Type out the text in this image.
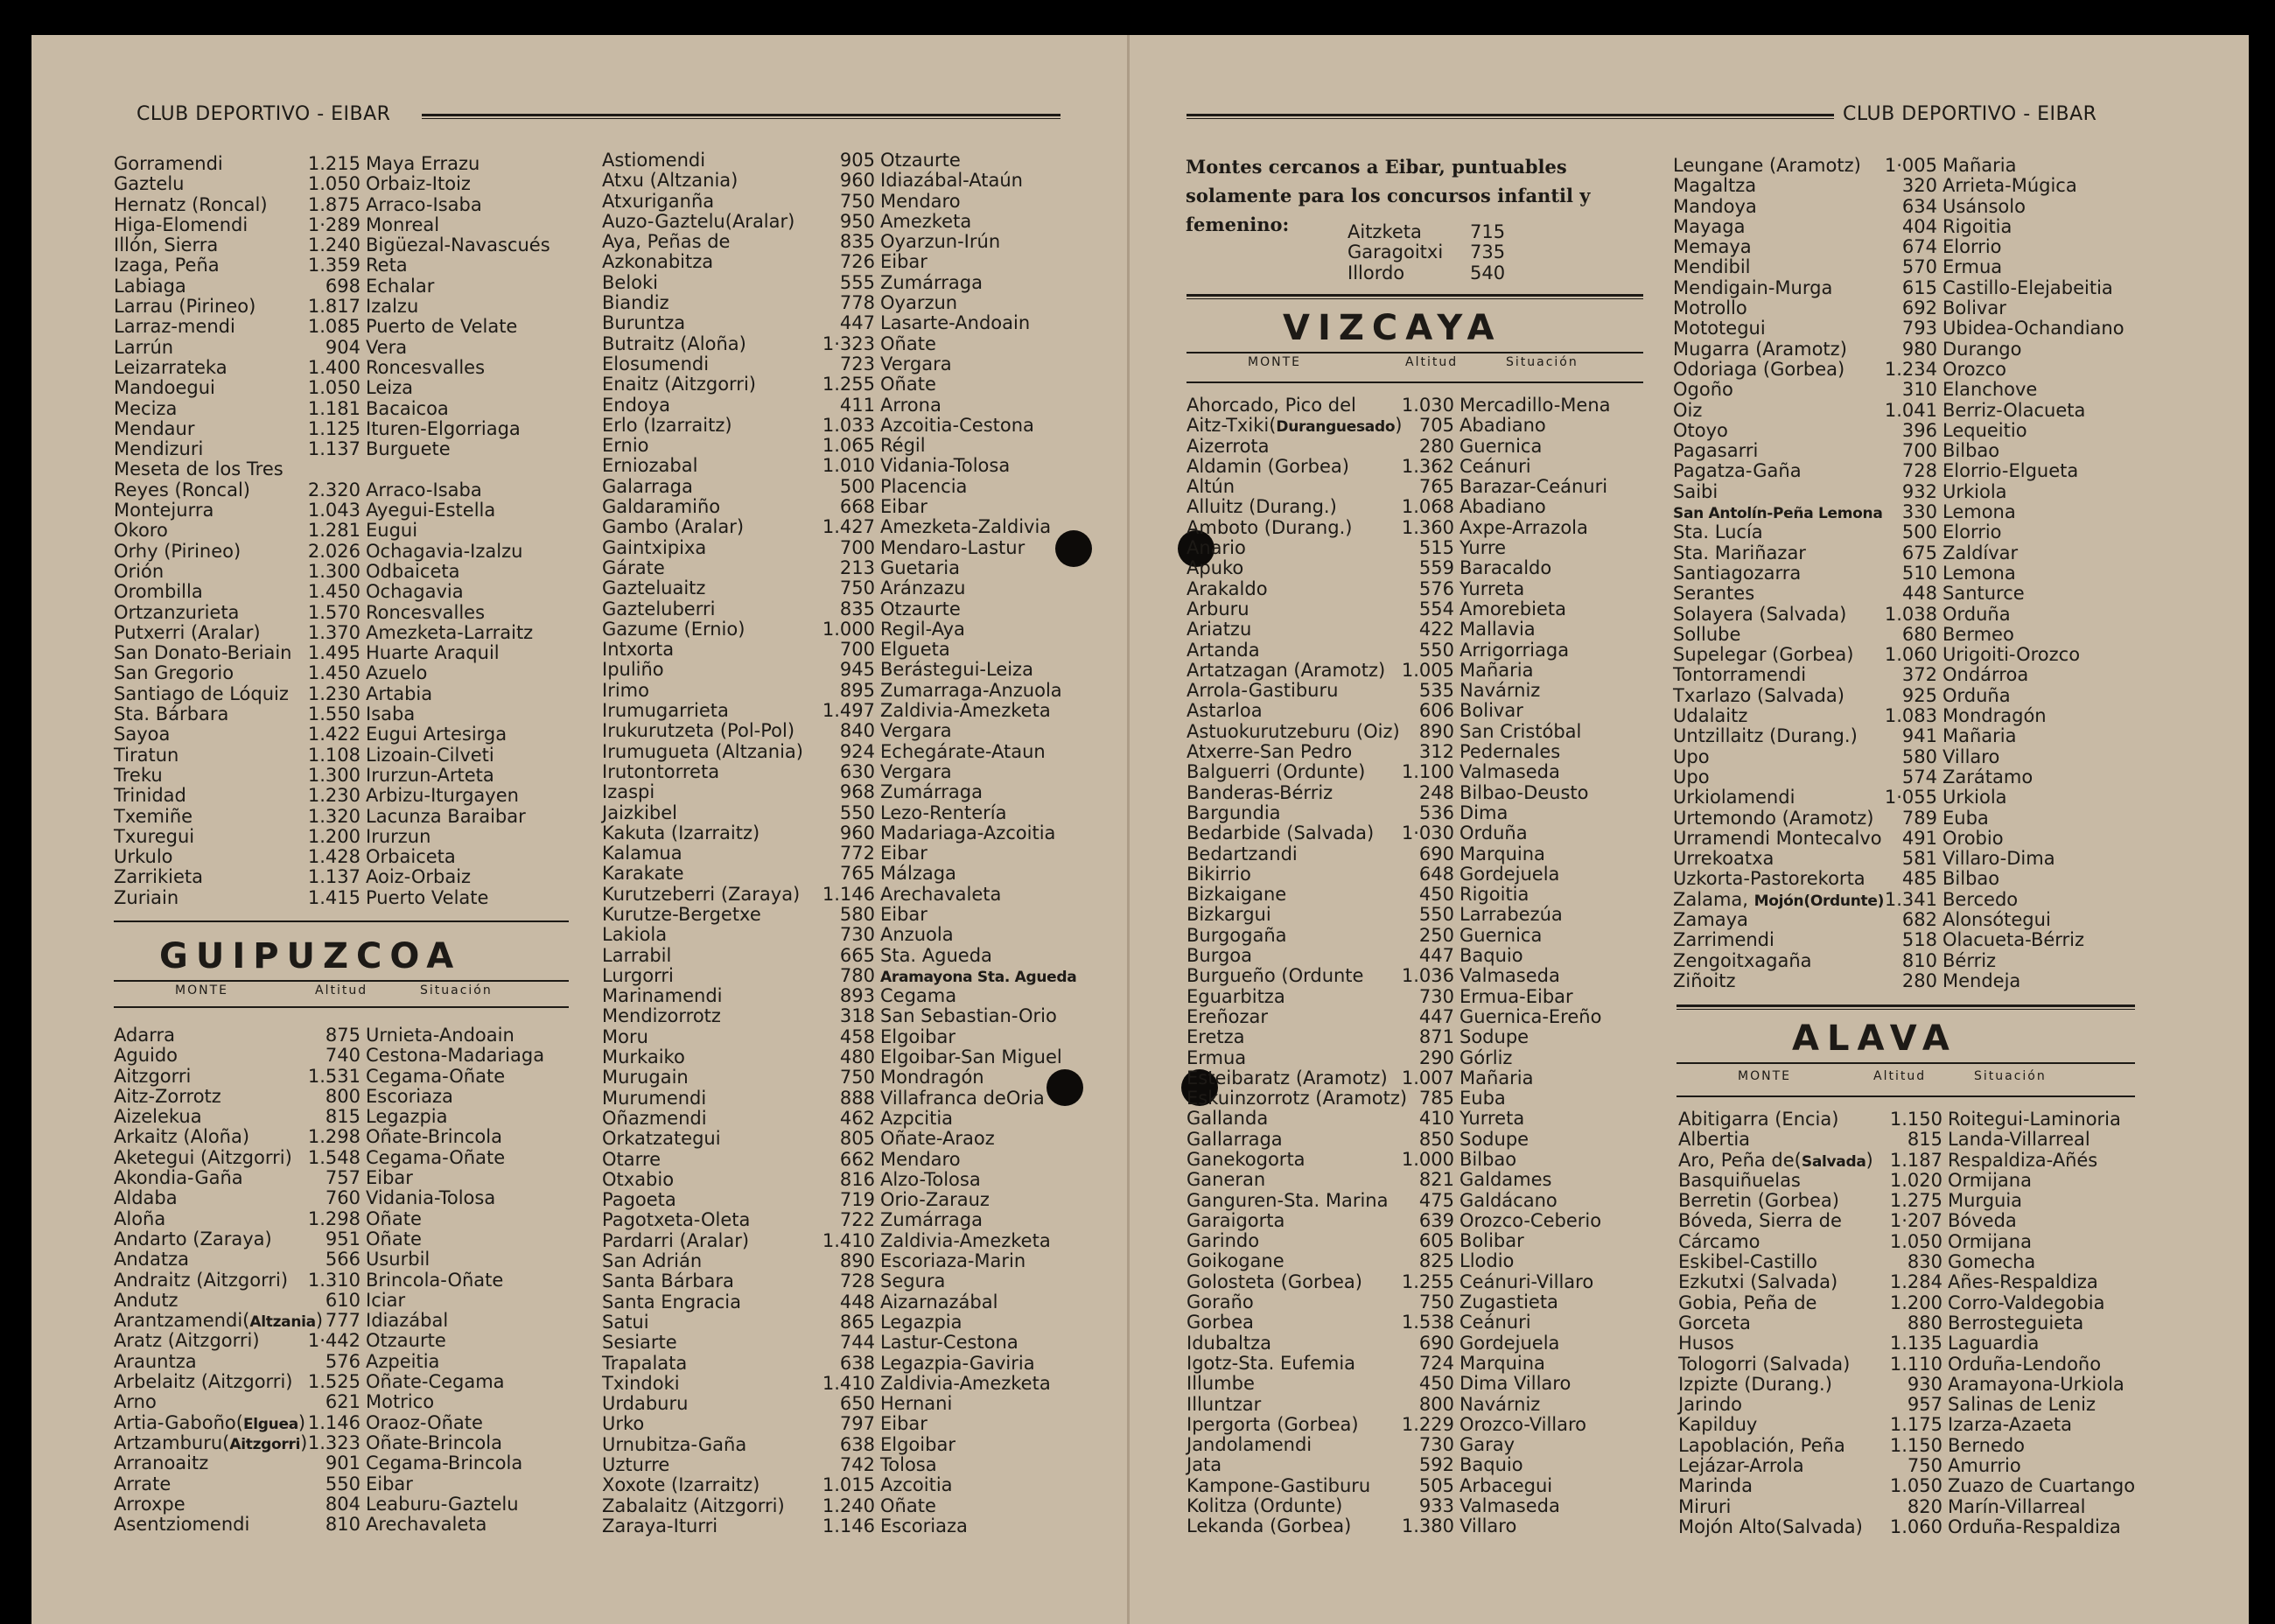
CLUB DEPORTIVO - EIBAR
Gorramendi	1.215 Maya Errazu
Gaztelu	1.050 Orbaiz-Itoiz
Hernatz (Roncal)	1.875 Arraco-Isaba
Higa-Elomendi	1·289 Monreal
Illón, Sierra	1.240 Bigüezal-Navascués
Izaga, Peña	1.359 Reta
Labiaga	698 Echalar
Larrau (Pirineo)	1.817 Izalzu
Larraz-mendi	1.085 Puerto de Velate
Larrún	904 Vera
Leizarrateka	1.400 Roncesvalles
Mandoegui	1.050 Leiza
Meciza	1.181 Bacaicoa
Mendaur	1.125 Ituren-Elgorriaga
Mendizuri	1.137 Burguete
Meseta de los Tres
Reyes (Roncal)	2.320 Arraco-Isaba
Montejurra	1.043 Ayegui-Estella
Okoro	1.281 Eugui
Orhy (Pirineo)	2.026 Ochagavia-Izalzu
Orión	1.300 Odbaiceta
Orombilla	1.450 Ochagavia
Ortzanzurieta	1.570 Roncesvalles
Putxerri (Aralar)	1.370 Amezketa-Larraitz
San Donato-Beriain 1.495 Huarte Araquil
San Gregorio	1.450 Azuelo
Santiago de Lóquiz	1.230 Artabia
Sta. Bárbara	1.550 Isaba
Sayoa	1.422 Eugui Artesirga
Tiratun	1.108 Lizoain-Cilveti
Treku	1.300 Irurzun-Arteta
Trinidad	1.230 Arbizu-Iturgayen
Txemiñe	1.320 Lacunza Baraibar
Txuregui	1.200 Irurzun
Urkulo	1.428 Orbaiceta
Zarrikieta	1.137 Aoiz-Orbaiz
Zuriain	1.415 Puerto Velate
GUIPUZCOA
MONTE	Altitud	Situación
Adarra	875 Urnieta-Andoain
Aguido	740 Cestona-Madariaga
Aitzgorri	1.531 Cegama-Oñate
Aitz-Zorrotz	800 Escoriaza
Aizelekua	815 Legazpia
Arkaitz (Aloña)	1.298 Oñate-Brincola
Aketegui (Aitzgorri) 1.548 Cegama-Oñate
Akondia-Gaña	757 Eibar
Aldaba	760 Vidania-Tolosa
Aloña	1.298 Oñate
Andarto (Zaraya)	951 Oñate
Andatza	566 Usurbil
Andraitz (Aitzgorri)	1.310 Brincola-Oñate
Andutz	610 Iciar
Arantzamendi(Altzania) 777 Idiazábal
Aratz (Aitzgorri)	1·442 Otzaurte
Arauntza	576 Azpeitia
Arbelaitz (Aitzgorri) 1.525 Oñate-Cegama
Arno	621 Motrico
Artia-Gaboño(Elguea) 1.146 Oraoz-Oñate
Artzamburu(Aitzgorri) 1.323 Oñate-Brincola
Arranoaitz	901 Cegama-Brincola
Arrate	550 Eibar
Arroxpe	804 Leaburu-Gaztelu
Asentziomendi	810 Arechavaleta
Astiomendi	905 Otzaurte
Atxu (Altzania)	960 Idiazábal-Ataún
Atxuriganña	750 Mendaro
Auzo-Gaztelu(Aralar)	950 Amezketa
Aya, Peñas de	835 Oyarzun-Irún
Azkonabitza	726 Eibar
Beloki	555 Zumárraga
Biandiz	778 Oyarzun
Buruntza	447 Lasarte-Andoain
Butraitz (Aloña)	1·323 Oñate
Elosumendi	723 Vergara
Enaitz (Aitzgorri)	1.255 Oñate
Endoya	411 Arrona
Erlo (Izarraitz)	1.033 Azcoitia-Cestona
Ernio	1.065 Régil
Erniozabal	1.010 Vidania-Tolosa
Galarraga	500 Placencia
Galdaramiño	668 Eibar
Gambo (Aralar)	1.427 Amezketa-Zaldivia
Gaintxipixa	700 Mendaro-Lastur
Gárate	213 Guetaria
Gazteluaitz	750 Aránzazu
Gazteluberri	835 Otzaurte
Gazume (Ernio)	1.000 Regil-Aya
Intxorta	700 Elgueta
Ipuliño	945 Berástegui-Leiza
Irimo	895 Zumarraga-Anzuola
Irumugarrieta	1.497 Zaldivia-Amezketa
Irukurutzeta (Pol-Pol)	840 Vergara
Irumugueta (Altzania)	924 Echegárate-Ataun
Irutontorreta	630 Vergara
Izaspi	968 Zumárraga
Jaizkibel	550 Lezo-Rentería
Kakuta (Izarraitz)	960 Madariaga-Azcoitia
Kalamua	772 Eibar
Karakate	765 Málzaga
Kurutzeberri (Zaraya)	1.146 Arechavaleta
Kurutze-Bergetxe	580 Eibar
Lakiola	730 Anzuola
Larrabil	665 Sta. Agueda
Lurgorri	780 Aramayona Sta. Agueda
Marinamendi	893 Cegama
Mendizorrotz	318 San Sebastian-Orio
Moru	458 Elgoibar
Murkaiko	480 Elgoibar-San Miguel
Murugain	750 Mondragón
Murumendi	888 Villafranca deOria
Oñazmendi	462 Azpcitia
Orkatzategui	805 Oñate-Araoz
Otarre	662 Mendaro
Otxabio	816 Alzo-Tolosa
Pagoeta	719 Orio-Zarauz
Pagotxeta-Oleta	722 Zumárraga
Pardarri (Aralar)	1.410 Zaldivia-Amezketa
San Adrián	890 Escoriaza-Marin
Santa Bárbara	728 Segura
Santa Engracia	448 Aizarnazábal
Satui	865 Legazpia
Sesiarte	744 Lastur-Cestona
Trapalata	638 Legazpia-Gaviria
Txindoki	1.410 Zaldivia-Amezketa
Urdaburu	650 Hernani
Urko	797 Eibar
Urnubitza-Gaña	638 Elgoibar
Uzturre	742 Tolosa
Xoxote (Izarraitz)	1.015 Azcoitia
Zabalaitz (Aitzgorri)	1.240 Oñate
Zaraya-Iturri	1.146 Escoriaza
CLUB DEPORTIVO - EIBAR
Montes cercanos a Eibar, puntuables solamente para los concursos infantil y femenino:	Aitzketa	715
Garagoitxi	735
Illordo	540
VIZCAYA
MONTE	Altitud	Situación
Ahorcado, Pico del	1.030 Mercadillo-Mena
Aitz-Txiki(Duranguesado) 705 Abadiano
Aizerrota	280 Guernica
Aldamin (Gorbea)	1.362 Ceánuri
Altún	765 Barazar-Ceánuri
Alluitz (Durang.)	1.068 Abadiano
Amboto (Durang.)	1.360 Axpe-Arrazola
Anario	515 Yurre
Apuko	559 Baracaldo
Arakaldo	576 Yurreta
Arburu	554 Amorebieta
Ariatzu	422 Mallavia
Artanda	550 Arrigorriaga
Artatzagan (Aramotz) 1.005 Mañaria
Arrola-Gastiburu	535 Navárniz
Astarloa	606 Bolivar
Astuokurutzeburu (Oiz)	890 San Cristóbal
Atxerre-San Pedro	312 Pedernales
Balguerri (Ordunte)	1.100 Valmaseda
Banderas-Bérriz	248 Bilbao-Deusto
Bargundia	536 Dima
Bedarbide (Salvada)	1·030 Orduña
Bedartzandi	690 Marquina
Bikirrio	648 Gordejuela
Bizkaigane	450 Rigoitia
Bizkargui	550 Larrabezúa
Burgogaña	250 Guernica
Burgoa	447 Baquio
Burgueño (Ordunte	1.036 Valmaseda
Eguarbitza	730 Ermua-Eibar
Ereñozar	447 Guernica-Ereño
Eretza	871 Sodupe
Ermua	290 Górliz
Esteibaratz (Aramotz) 1.007 Mañaria
Eskuinzorrotz (Aramotz) 785 Euba
Gallanda	410 Yurreta
Gallarraga	850 Sodupe
Ganekogorta	1.000 Bilbao
Ganeran	821 Galdames
Ganguren-Sta. Marina	475 Galdácano
Garaigorta	639 Orozco-Ceberio
Garindo	605 Bolibar
Goikogane	825 Llodio
Golosteta (Gorbea)	1.255 Ceánuri-Villaro
Goraño	750 Zugastieta
Gorbea	1.538 Ceánuri
Idubaltza	690 Gordejuela
Igotz-Sta. Eufemia	724 Marquina
Illumbe	450 Dima Villaro
Illuntzar	800 Navárniz
Ipergorta (Gorbea)	1.229 Orozco-Villaro
Jandolamendi	730 Garay
Jata	592 Baquio
Kampone-Gastiburu	505 Arbacegui
Kolitza (Ordunte)	933 Valmaseda
Lekanda (Gorbea)	1.380 Villaro
Leungane (Aramotz)	1·005 Mañaria
Magaltza	320 Arrieta-Múgica
Mandoya	634 Usánsolo
Mayaga	404 Rigoitia
Memaya	674 Elorrio
Mendibil	570 Ermua
Mendigain-Murga	615 Castillo-Elejabeitia
Motrollo	692 Bolivar
Mototegui	793 Ubidea-Ochandiano
Mugarra (Aramotz)	980 Durango
Odoriaga (Gorbea)	1.234 Orozco
Ogoño	310 Elanchove
Oiz	1.041 Berriz-Olacueta
Otoyo	396 Lequeitio
Pagasarri	700 Bilbao
Pagatza-Gaña	728 Elorrio-Elgueta
Saibi	932 Urkiola
San Antolín-Peña Lemona	330 Lemona
Sta. Lucía	500 Elorrio
Sta. Mariñazar	675 Zaldívar
Santiagozarra	510 Lemona
Serantes	448 Santurce
Solayera (Salvada)	1.038 Orduña
Sollube	680 Bermeo
Supelegar (Gorbea)	1.060 Urigoiti-Orozco
Tontorramendi	372 Ondárroa
Txarlazo (Salvada)	925 Orduña
Udalaitz	1.083 Mondragón
Untzillaitz (Durang.)	941 Mañaria
Upo	580 Villaro
Upo	574 Zarátamo
Urkiolamendi	1·055 Urkiola
Urtemondo (Aramotz)	789 Euba
Urramendi Montecalvo	491 Orobio
Urrekoatxa	581 Villaro-Dima
Uzkorta-Pastorekorta	485 Bilbao
Zalama, Mojón(Ordunte) 1.341 Bercedo
Zamaya	682 Alonsótegui
Zarrimendi	518 Olacueta-Bérriz
Zengoitxagaña	810 Bérriz
Ziñoitz	280 Mendeja
ALAVA
MONTE	Altitud	Situación
Abitigarra (Encia)	1.150 Roitegui-Laminoria
Albertia	815 Landa-Villarreal
Aro, Peña de(Salvada) 1.187 Respaldiza-Añés
Basquiñuelas	1.020 Ormijana
Berretin (Gorbea)	1.275 Murguia
Bóveda, Sierra de	1·207 Bóveda
Cárcamo	1.050 Ormijana
Eskibel-Castillo	830 Gomecha
Ezkutxi (Salvada)	1.284 Añes-Respaldiza
Gobia, Peña de	1.200 Corro-Valdegobia
Gorceta	880 Berrosteguieta
Husos	1.135 Laguardia
Tologorri (Salvada)	1.110 Orduña-Lendoño
Izpizte (Durang.)	930 Aramayona-Urkiola
Jarindo	957 Salinas de Leniz
Kapilduy	1.175 Izarza-Azaeta
Lapoblación, Peña	1.150 Bernedo
Lejázar-Arrola	750 Amurrio
Marinda	1.050 Zuazo de Cuartango
Miruri	820 Marín-Villarreal
Mojón Alto(Salvada)	1.060 Orduña-Respaldiza
